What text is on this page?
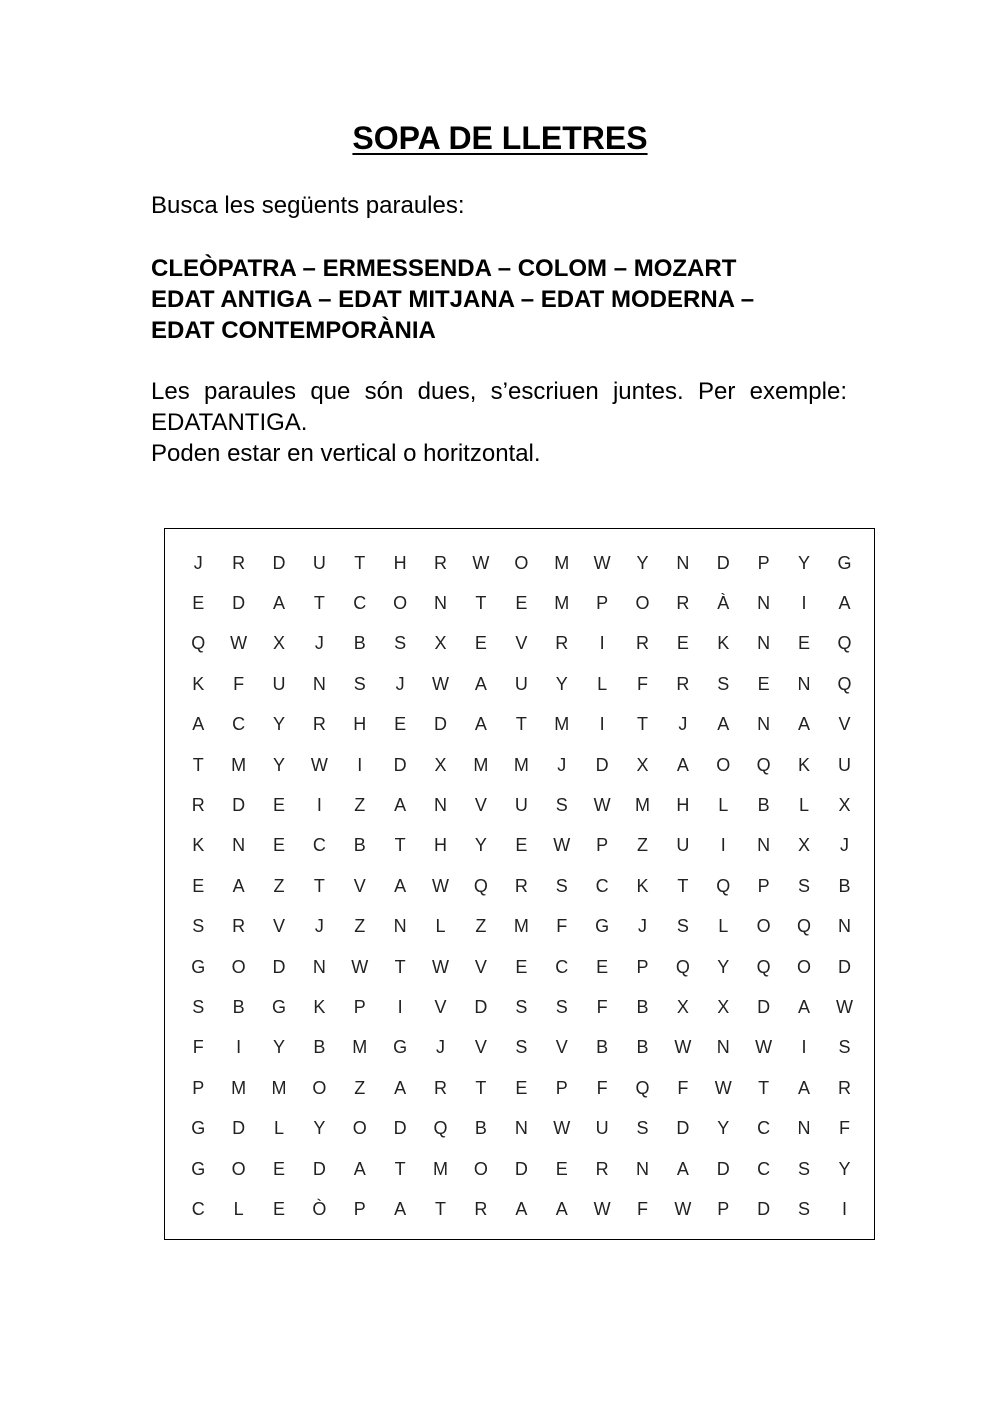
SOPA DE LLETRES

Busca les següents paraules:

CLEÒPATRA – ERMESSENDA – COLOM – MOZART
EDAT ANTIGA – EDAT MITJANA – EDAT MODERNA –
EDAT CONTEMPORÀNIA
Les paraules que són dues, s’escriuen juntes. Per exemple: EDATANTIGA.
Poden estar en vertical o horitzontal.
J	R	D	U	T	H	R	W	O	M	W	Y	N	D	P	Y	G
E	D	A	T	C	O	N	T	E	M	P	O	R	À	N	I	A
Q	W	X	J	B	S	X	E	V	R	I	R	E	K	N	E	Q
K	F	U	N	S	J	W	A	U	Y	L	F	R	S	E	N	Q
A	C	Y	R	H	E	D	A	T	M	I	T	J	A	N	A	V
T	M	Y	W	I	D	X	M	M	J	D	X	A	O	Q	K	U
R	D	E	I	Z	A	N	V	U	S	W	M	H	L	B	L	X
K	N	E	C	B	T	H	Y	E	W	P	Z	U	I	N	X	J
E	A	Z	T	V	A	W	Q	R	S	C	K	T	Q	P	S	B
S	R	V	J	Z	N	L	Z	M	F	G	J	S	L	O	Q	N
G	O	D	N	W	T	W	V	E	C	E	P	Q	Y	Q	O	D
S	B	G	K	P	I	V	D	S	S	F	B	X	X	D	A	W
F	I	Y	B	M	G	J	V	S	V	B	B	W	N	W	I	S
P	M	M	O	Z	A	R	T	E	P	F	Q	F	W	T	A	R
G	D	L	Y	O	D	Q	B	N	W	U	S	D	Y	C	N	F
G	O	E	D	A	T	M	O	D	E	R	N	A	D	C	S	Y
C	L	E	Ò	P	A	T	R	A	A	W	F	W	P	D	S	I
